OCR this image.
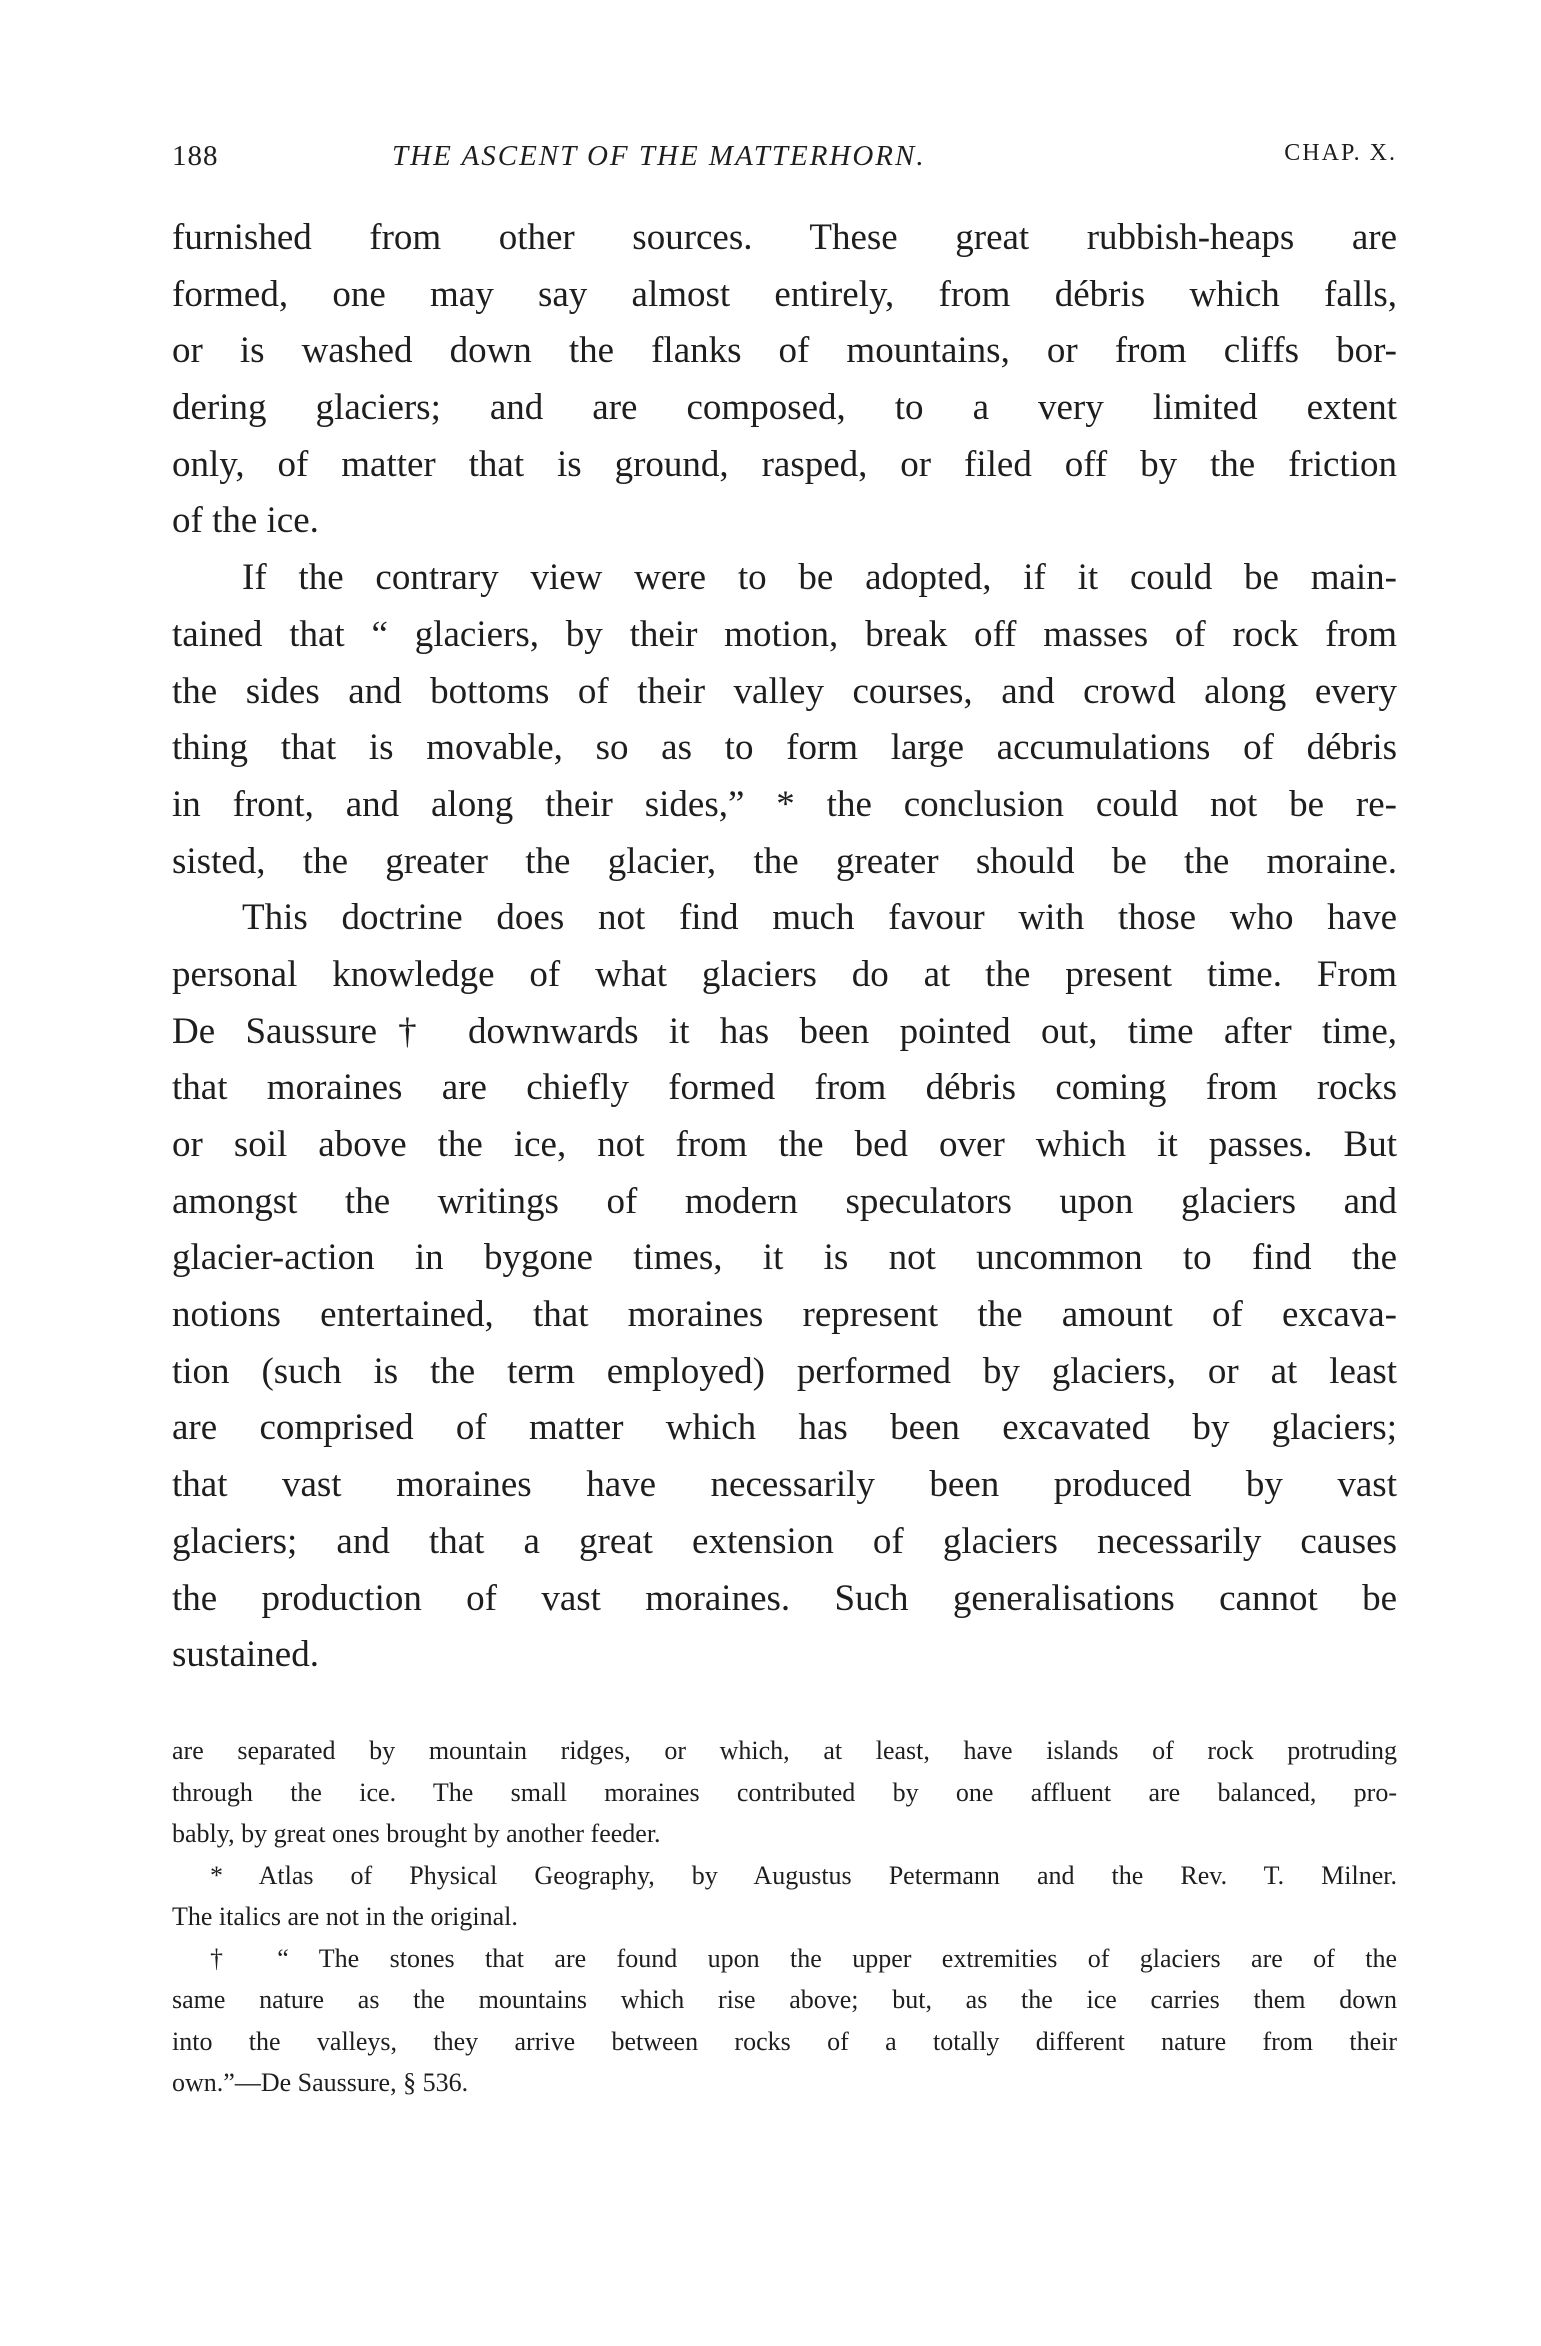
188	THE ASCENT OF THE MATTERHORN.	CHAP. X.
furnished from other sources. These great rubbish-heaps are
formed, one may say almost entirely, from débris which falls,
or is washed down the flanks of mountains, or from cliffs bor-
dering glaciers; and are composed, to a very limited extent
only, of matter that is ground, rasped, or filed off by the friction
of the ice.
If the contrary view were to be adopted, if it could be main-
tained that “ glaciers, by their motion, break off masses of rock from
the sides and bottoms of their valley courses, and crowd along every
thing that is movable, so as to form large accumulations of débris
in front, and along their sides,” * the conclusion could not be re-
sisted, the greater the glacier, the greater should be the moraine.
This doctrine does not find much favour with those who have
personal knowledge of what glaciers do at the present time. From
De Saussure† downwards it has been pointed out, time after time,
that moraines are chiefly formed from débris coming from rocks
or soil above the ice, not from the bed over which it passes. But
amongst the writings of modern speculators upon glaciers and
glacier-action in bygone times, it is not uncommon to find the
notions entertained, that moraines represent the amount of excava-
tion (such is the term employed) performed by glaciers, or at least
are comprised of matter which has been excavated by glaciers;
that vast moraines have necessarily been produced by vast
glaciers; and that a great extension of glaciers necessarily causes
the production of vast moraines. Such generalisations cannot be
sustained.
are separated by mountain ridges, or which, at least, have islands of rock protruding
through the ice. The small moraines contributed by one affluent are balanced, pro-
bably, by great ones brought by another feeder.
* Atlas of Physical Geography, by Augustus Petermann and the Rev. T. Milner.
The italics are not in the original.
† “ The stones that are found upon the upper extremities of glaciers are of the
same nature as the mountains which rise above; but, as the ice carries them down
into the valleys, they arrive between rocks of a totally different nature from their
own.”—De Saussure, § 536.
